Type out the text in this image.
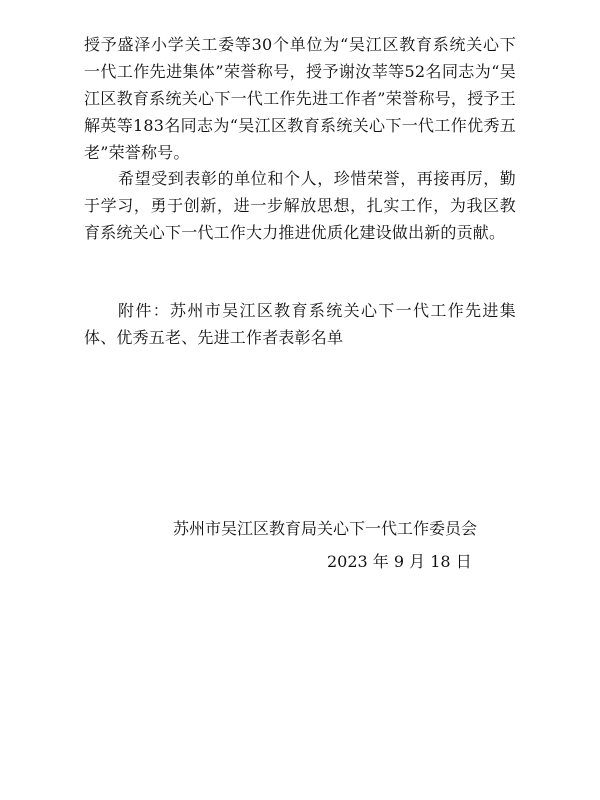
授予盛泽小学关工委等30个单位为“吴江区教育系统关心下一代工作先进集体”荣誉称号，授予谢汝莘等52名同志为“吴江区教育系统关心下一代工作先进工作者”荣誉称号，授予王解英等183名同志为“吴江区教育系统关心下一代工作优秀五老”荣誉称号。

希望受到表彰的单位和个人，珍惜荣誉，再接再厉，勤于学习，勇于创新，进一步解放思想，扎实工作，为我区教育系统关心下一代工作大力推进优质化建设做出新的贡献。

附件：苏州市吴江区教育系统关心下一代工作先进集体、优秀五老、先进工作者表彰名单

苏州市吴江区教育局关心下一代工作委员会
2023 年 9 月 18 日
